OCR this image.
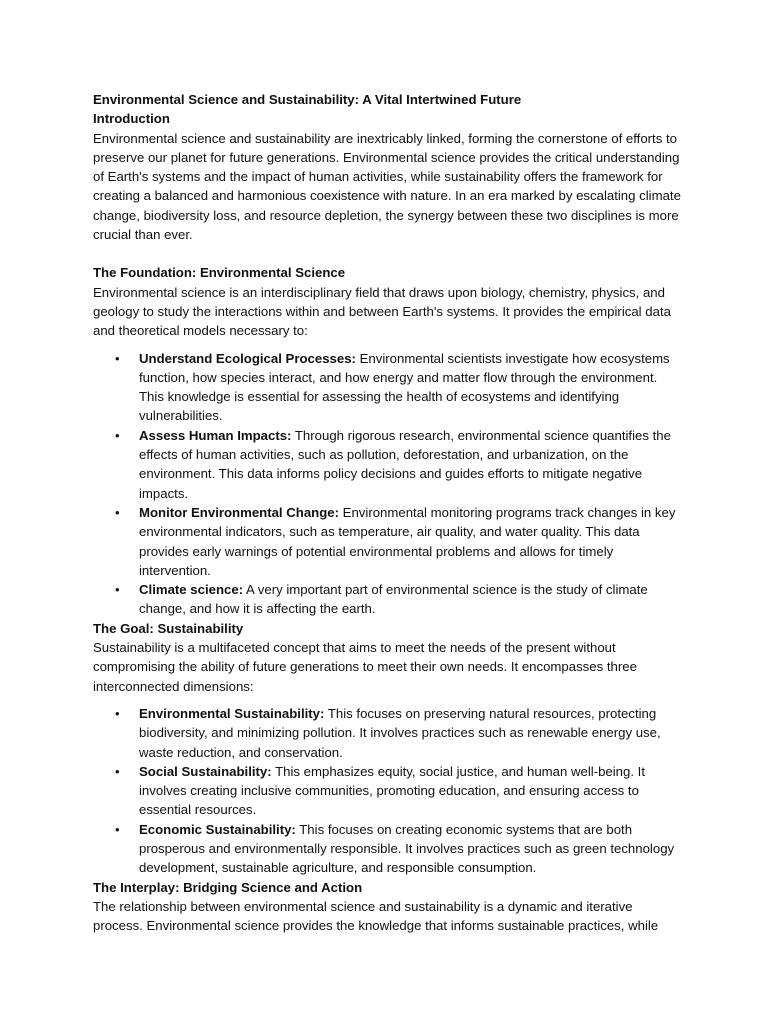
Environmental Science and Sustainability: A Vital Intertwined Future

Introduction

Environmental science and sustainability are inextricably linked, forming the cornerstone of efforts to preserve our planet for future generations. Environmental science provides the critical understanding of Earth's systems and the impact of human activities, while sustainability offers the framework for creating a balanced and harmonious coexistence with nature. In an era marked by escalating climate change, biodiversity loss, and resource depletion, the synergy between these two disciplines is more crucial than ever.

The Foundation: Environmental Science

Environmental science is an interdisciplinary field that draws upon biology, chemistry, physics, and geology to study the interactions within and between Earth's systems. It provides the empirical data and theoretical models necessary to:

• Understand Ecological Processes: Environmental scientists investigate how ecosystems function, how species interact, and how energy and matter flow through the environment. This knowledge is essential for assessing the health of ecosystems and identifying vulnerabilities.
• Assess Human Impacts: Through rigorous research, environmental science quantifies the effects of human activities, such as pollution, deforestation, and urbanization, on the environment. This data informs policy decisions and guides efforts to mitigate negative impacts.
• Monitor Environmental Change: Environmental monitoring programs track changes in key environmental indicators, such as temperature, air quality, and water quality. This data provides early warnings of potential environmental problems and allows for timely intervention.
• Climate science: A very important part of environmental science is the study of climate change, and how it is affecting the earth.

The Goal: Sustainability

Sustainability is a multifaceted concept that aims to meet the needs of the present without compromising the ability of future generations to meet their own needs. It encompasses three interconnected dimensions:

• Environmental Sustainability: This focuses on preserving natural resources, protecting biodiversity, and minimizing pollution. It involves practices such as renewable energy use, waste reduction, and conservation.
• Social Sustainability: This emphasizes equity, social justice, and human well-being. It involves creating inclusive communities, promoting education, and ensuring access to essential resources.
• Economic Sustainability: This focuses on creating economic systems that are both prosperous and environmentally responsible. It involves practices such as green technology development, sustainable agriculture, and responsible consumption.

The Interplay: Bridging Science and Action

The relationship between environmental science and sustainability is a dynamic and iterative process. Environmental science provides the knowledge that informs sustainable practices, while
